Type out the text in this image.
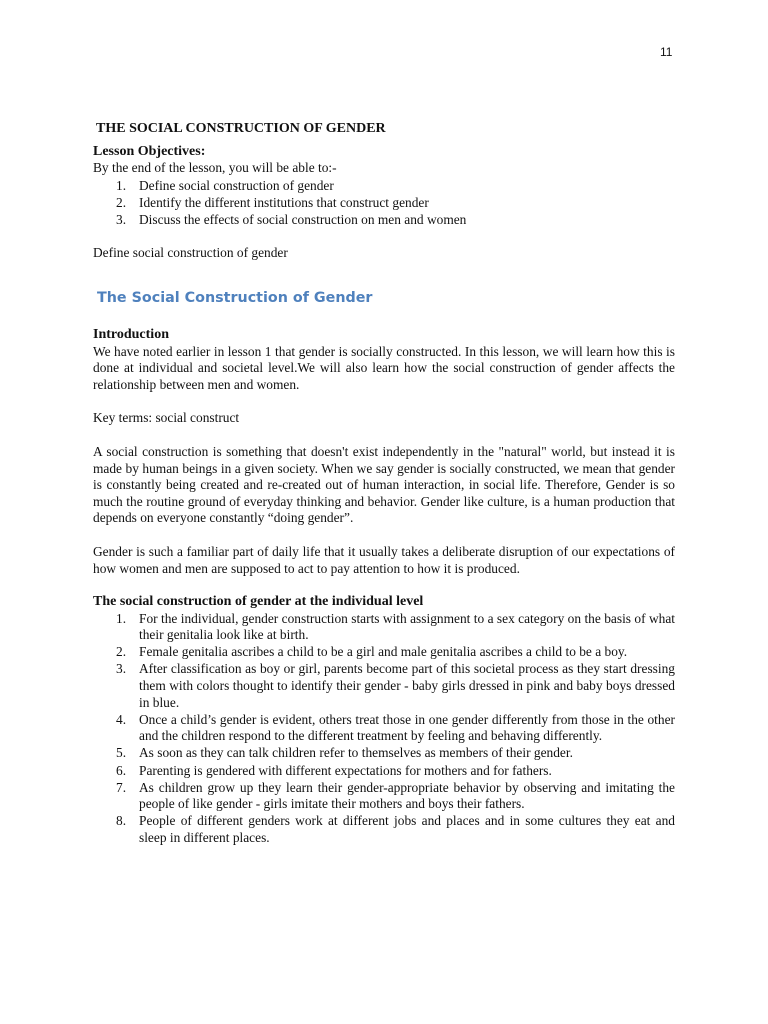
11
THE SOCIAL CONSTRUCTION OF GENDER
Lesson Objectives:

By the end of the lesson, you will be able to:-

1. Define social construction of gender
2. Identify the different institutions that construct gender
3. Discuss the effects of social construction on men and women

Define social construction of gender

The Social Construction of Gender
Introduction

We have noted earlier in lesson 1 that gender is socially constructed. In this lesson, we will learn how this is done at individual and societal level.We will also learn how the social construction of gender affects the relationship between men and women.

Key terms: social construct

A social construction is something that doesn't exist independently in the "natural" world, but instead it is made by human beings in a given society. When we say gender is socially constructed, we mean that gender is constantly being created and re-created out of human interaction, in social life. Therefore, Gender is so much the routine ground of everyday thinking and behavior. Gender like culture, is a human production that depends on everyone constantly “doing gender”.

Gender is such a familiar part of daily life that it usually takes a deliberate disruption of our expectations of how women and men are supposed to act to pay attention to how it is produced.

The social construction of gender at the individual level
1. For the individual, gender construction starts with assignment to a sex category on the basis of what their genitalia look like at birth.
2. Female genitalia ascribes a child to be a girl and male genitalia ascribes a child to be a boy.
3. After classification as boy or girl, parents become part of this societal process as they start dressing them with colors thought to identify their gender - baby girls dressed in pink and baby boys dressed in blue.
4. Once a child’s gender is evident, others treat those in one gender differently from those in the other and the children respond to the different treatment by feeling and behaving differently.
5. As soon as they can talk children refer to themselves as members of their gender.
6. Parenting is gendered with different expectations for mothers and for fathers.
7. As children grow up they learn their gender-appropriate behavior by observing and imitating the people of like gender - girls imitate their mothers and boys their fathers.
8. People of different genders work at different jobs and places and in some cultures they eat and sleep in different places.
